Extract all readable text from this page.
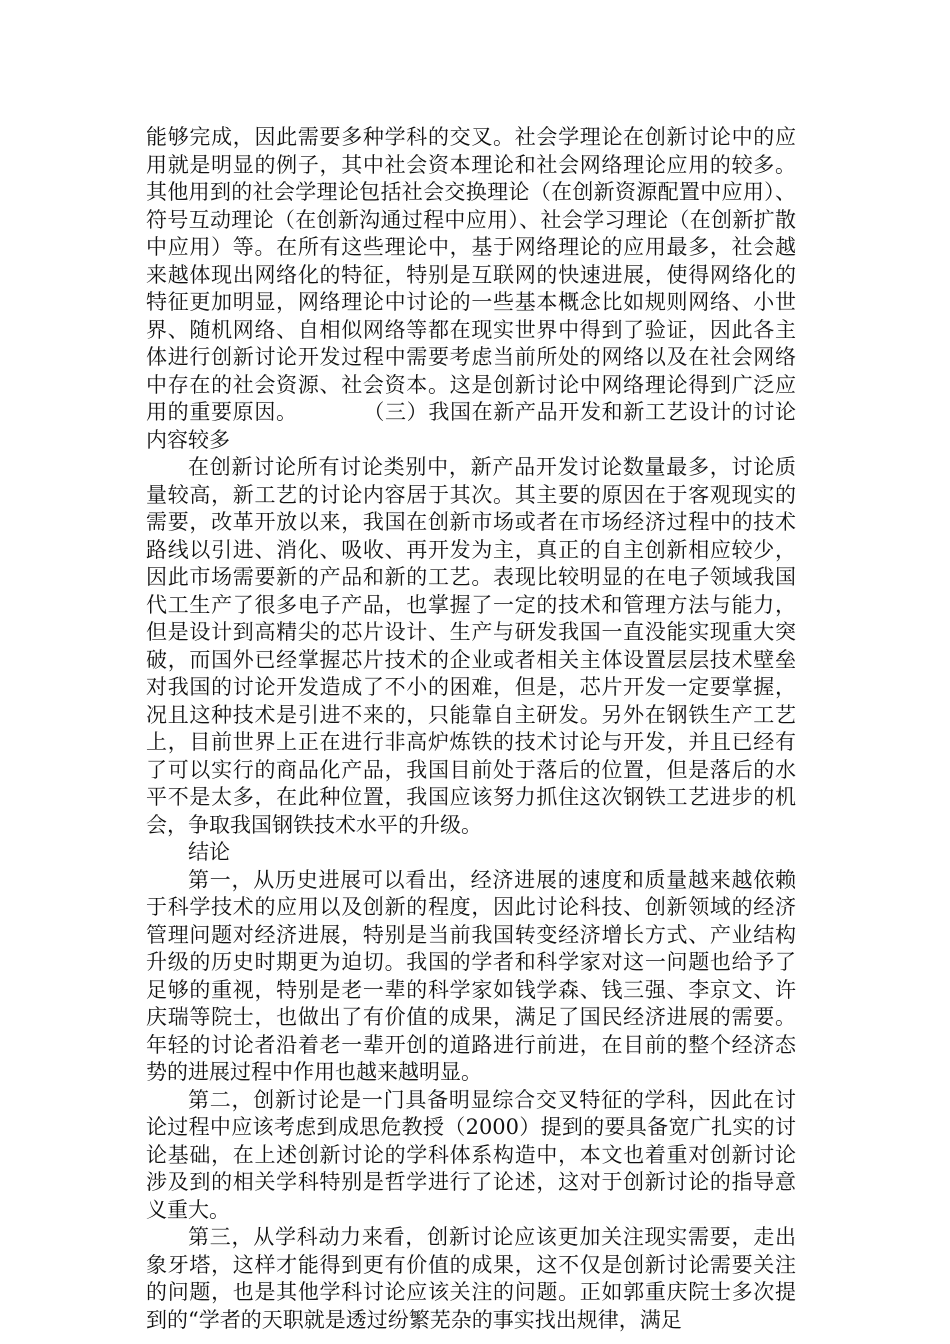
能够完成，因此需要多种学科的交叉。社会学理论在创新讨论中的应用就是明显的例子，其中社会资本理论和社会网络理论应用的较多。其他用到的社会学理论包括社会交换理论（在创新资源配置中应用）、符号互动理论（在创新沟通过程中应用）、社会学习理论（在创新扩散中应用）等。在所有这些理论中，基于网络理论的应用最多，社会越来越体现出网络化的特征，特别是互联网的快速进展，使得网络化的特征更加明显，网络理论中讨论的一些基本概念比如规则网络、小世界、随机网络、自相似网络等都在现实世界中得到了验证，因此各主体进行创新讨论开发过程中需要考虑当前所处的网络以及在社会网络中存在的社会资源、社会资本。这是创新讨论中网络理论得到广泛应用的重要原因。　　　　（三）我国在新产品开发和新工艺设计的讨论内容较多

在创新讨论所有讨论类别中，新产品开发讨论数量最多，讨论质量较高，新工艺的讨论内容居于其次。其主要的原因在于客观现实的需要，改革开放以来，我国在创新市场或者在市场经济过程中的技术路线以引进、消化、吸收、再开发为主，真正的自主创新相应较少，因此市场需要新的产品和新的工艺。表现比较明显的在电子领域我国代工生产了很多电子产品，也掌握了一定的技术和管理方法与能力，但是设计到高精尖的芯片设计、生产与研发我国一直没能实现重大突破，而国外已经掌握芯片技术的企业或者相关主体设置层层技术壁垒对我国的讨论开发造成了不小的困难，但是，芯片开发一定要掌握，况且这种技术是引进不来的，只能靠自主研发。另外在钢铁生产工艺上，目前世界上正在进行非高炉炼铁的技术讨论与开发，并且已经有了可以实行的商品化产品，我国目前处于落后的位置，但是落后的水平不是太多，在此种位置，我国应该努力抓住这次钢铁工艺进步的机会，争取我国钢铁技术水平的升级。

结论

第一，从历史进展可以看出，经济进展的速度和质量越来越依赖于科学技术的应用以及创新的程度，因此讨论科技、创新领域的经济管理问题对经济进展，特别是当前我国转变经济增长方式、产业结构升级的历史时期更为迫切。我国的学者和科学家对这一问题也给予了足够的重视，特别是老一辈的科学家如钱学森、钱三强、李京文、许庆瑞等院士，也做出了有价值的成果，满足了国民经济进展的需要。年轻的讨论者沿着老一辈开创的道路进行前进，在目前的整个经济态势的进展过程中作用也越来越明显。

第二，创新讨论是一门具备明显综合交叉特征的学科，因此在讨论过程中应该考虑到成思危教授（2000）提到的要具备宽广扎实的讨论基础，在上述创新讨论的学科体系构造中，本文也着重对创新讨论涉及到的相关学科特别是哲学进行了论述，这对于创新讨论的指导意义重大。

第三，从学科动力来看，创新讨论应该更加关注现实需要，走出象牙塔，这样才能得到更有价值的成果，这不仅是创新讨论需要关注的问题，也是其他学科讨论应该关注的问题。正如郭重庆院士多次提到的“学者的天职就是透过纷繁芜杂的事实找出规律，满足
